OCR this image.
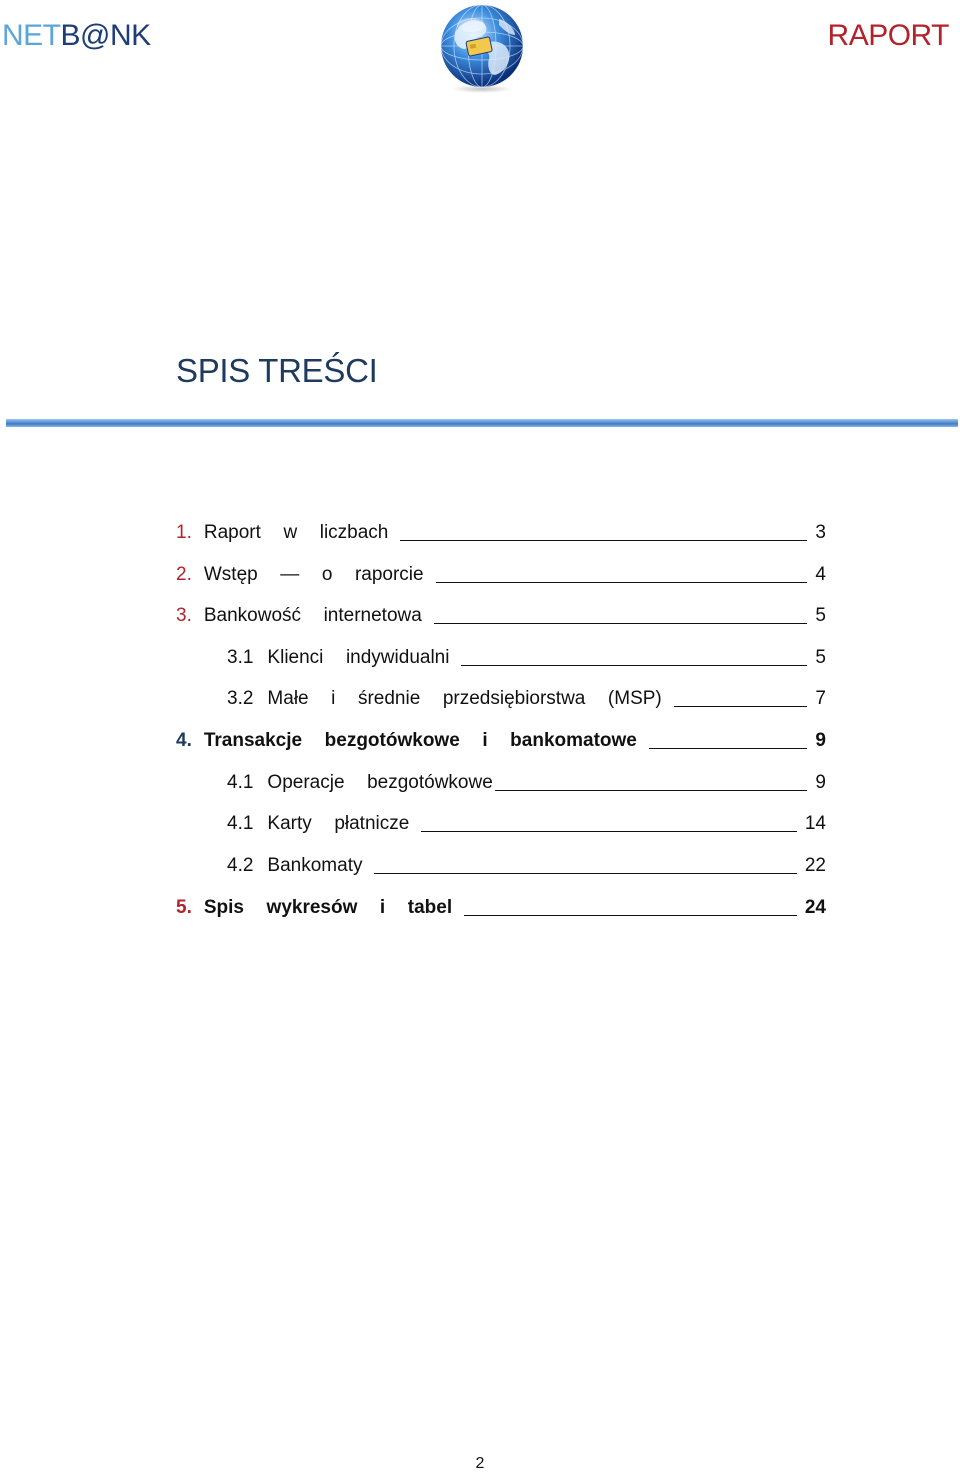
NETB@NK	RAPORT
SPIS TREŚCI
1. Raport  w  liczbach	3
2. Wstęp  —  o  raporcie	4
3. Bankowość  internetowa	5
3.1 Klienci  indywidualni	5
3.2 Małe  i  średnie  przedsiębiorstwa  (MSP)	7
4. Transakcje  bezgotówkowe  i  bankomatowe	9
4.1 Operacje  bezgotówkowe	9
4.1 Karty  płatnicze	14
4.2 Bankomaty	22
5. Spis  wykresów  i  tabel	24
2
